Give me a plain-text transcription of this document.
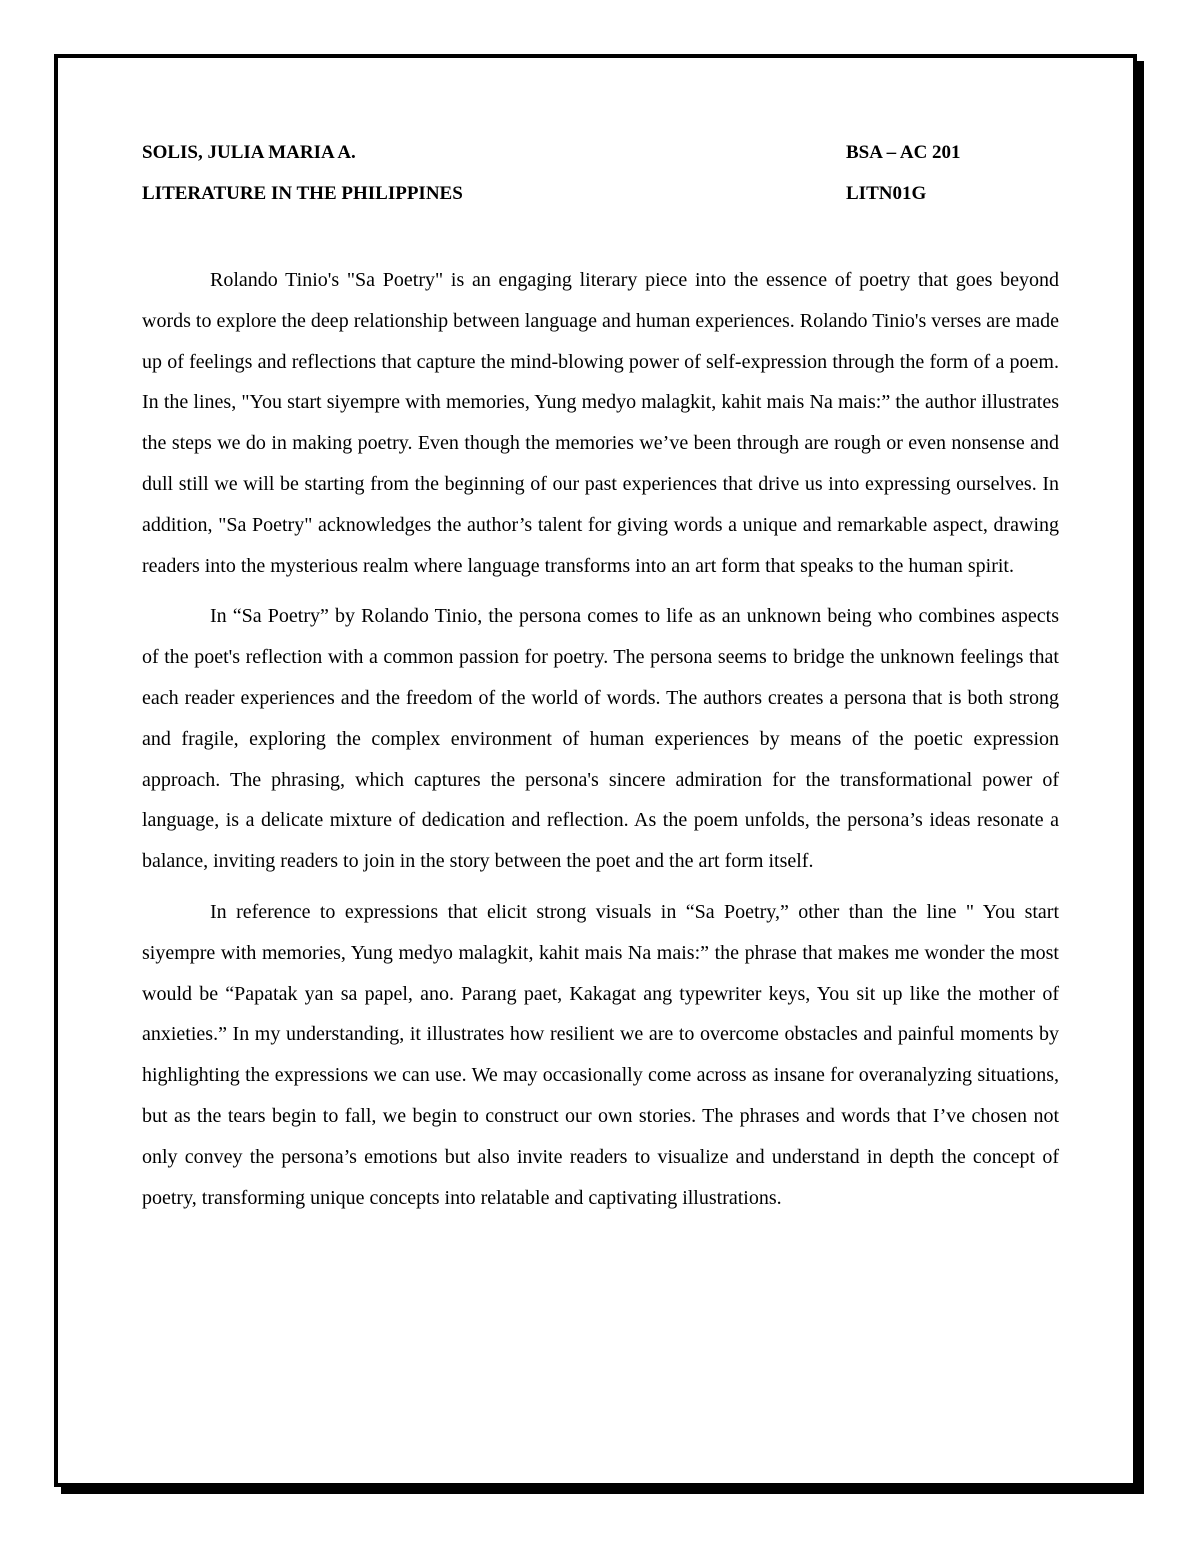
SOLIS, JULIA MARIA A.	BSA – AC 201
LITERATURE IN THE PHILIPPINES	LITN01G

Rolando Tinio's "Sa Poetry" is an engaging literary piece into the essence of poetry that goes beyond words to explore the deep relationship between language and human experiences. Rolando Tinio's verses are made up of feelings and reflections that capture the mind-blowing power of self-expression through the form of a poem. In the lines, "You start siyempre with memories, Yung medyo malagkit, kahit mais Na mais:” the author illustrates the steps we do in making poetry. Even though the memories we’ve been through are rough or even nonsense and dull still we will be starting from the beginning of our past experiences that drive us into expressing ourselves. In addition, "Sa Poetry" acknowledges the author’s talent for giving words a unique and remarkable aspect, drawing readers into the mysterious realm where language transforms into an art form that speaks to the human spirit.

In “Sa Poetry” by Rolando Tinio, the persona comes to life as an unknown being who combines aspects of the poet's reflection with a common passion for poetry. The persona seems to bridge the unknown feelings that each reader experiences and the freedom of the world of words. The authors creates a persona that is both strong and fragile, exploring the complex environment of human experiences by means of the poetic expression approach. The phrasing, which captures the persona's sincere admiration for the transformational power of language, is a delicate mixture of dedication and reflection. As the poem unfolds, the persona’s ideas resonate a balance, inviting readers to join in the story between the poet and the art form itself.

In reference to expressions that elicit strong visuals in “Sa Poetry,” other than the line " You start siyempre with memories, Yung medyo malagkit, kahit mais Na mais:” the phrase that makes me wonder the most would be “Papatak yan sa papel, ano. Parang paet, Kakagat ang typewriter keys, You sit up like the mother of anxieties.” In my understanding, it illustrates how resilient we are to overcome obstacles and painful moments by highlighting the expressions we can use. We may occasionally come across as insane for overanalyzing situations, but as the tears begin to fall, we begin to construct our own stories. The phrases and words that I’ve chosen not only convey the persona’s emotions but also invite readers to visualize and understand in depth the concept of poetry, transforming unique concepts into relatable and captivating illustrations.
